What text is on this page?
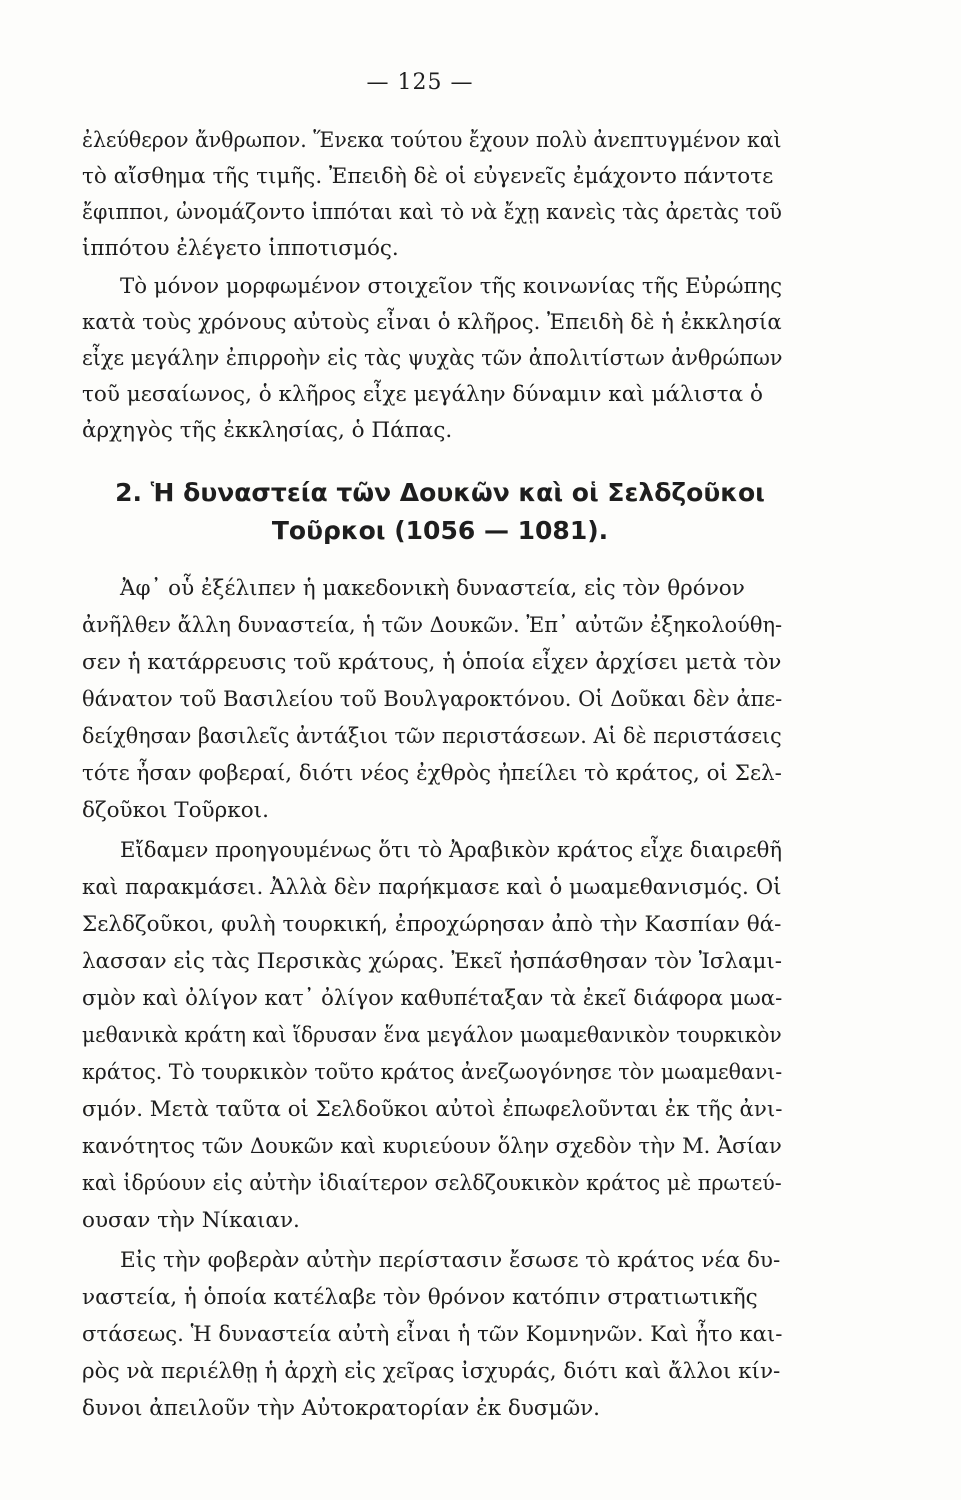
— 125 —
ἐλεύθερον ἄνθρωπον. Ἕνεκα τούτου ἔχουν πολὺ ἀνεπτυγμένον καὶ
τὸ αἴσθημα τῆς τιμῆς. Ἐπειδὴ δὲ οἱ εὐγενεῖς ἐμάχοντο πάντοτε
ἔφιπποι, ὠνομάζοντο ἱππόται καὶ τὸ νὰ ἔχῃ κανεὶς τὰς ἀρετὰς τοῦ
ἱππότου ἐλέγετο ἱπποτισμός.
Τὸ μόνον μορφωμένον στοιχεῖον τῆς κοινωνίας τῆς Εὐρώπης
κατὰ τοὺς χρόνους αὐτοὺς εἶναι ὁ κλῆρος. Ἐπειδὴ δὲ ἡ ἐκκλησία
εἶχε μεγάλην ἐπιρροὴν εἰς τὰς ψυχὰς τῶν ἀπολιτίστων ἀνθρώπων
τοῦ μεσαίωνος, ὁ κλῆρος εἶχε μεγάλην δύναμιν καὶ μάλιστα ὁ
ἀρχηγὸς τῆς ἐκκλησίας, ὁ Πάπας.
2. Ἡ δυναστεία τῶν Δουκῶν καὶ οἱ Σελδζοῦκοι
Τοῦρκοι (1056 — 1081).
Ἀφ᾽ οὗ ἐξέλιπεν ἡ μακεδονικὴ δυναστεία, εἰς τὸν θρόνον
ἀνῆλθεν ἄλλη δυναστεία, ἡ τῶν Δουκῶν. Ἐπ᾽ αὐτῶν ἐξηκολούθη-
σεν ἡ κατάρρευσις τοῦ κράτους, ἡ ὁποία εἶχεν ἀρχίσει μετὰ τὸν
θάνατον τοῦ Βασιλείου τοῦ Βουλγαροκτόνου. Οἱ Δοῦκαι δὲν ἀπε-
δείχθησαν βασιλεῖς ἀντάξιοι τῶν περιστάσεων. Αἱ δὲ περιστάσεις
τότε ἦσαν φοβεραί, διότι νέος ἐχθρὸς ἠπείλει τὸ κράτος, οἱ Σελ-
δζοῦκοι Τοῦρκοι.
Εἴδαμεν προηγουμένως ὅτι τὸ Ἀραβικὸν κράτος εἶχε διαιρεθῆ
καὶ παρακμάσει. Ἀλλὰ δὲν παρήκμασε καὶ ὁ μωαμεθανισμός. Οἱ
Σελδζοῦκοι, φυλὴ τουρκική, ἐπροχώρησαν ἀπὸ τὴν Κασπίαν θά-
λασσαν εἰς τὰς Περσικὰς χώρας. Ἐκεῖ ἠσπάσθησαν τὸν Ἰσλαμι-
σμὸν καὶ ὀλίγον κατ᾽ ὀλίγον καθυπέταξαν τὰ ἐκεῖ διάφορα μωα-
μεθανικὰ κράτη καὶ ἵδρυσαν ἕνα μεγάλον μωαμεθανικὸν τουρκικὸν
κράτος. Τὸ τουρκικὸν τοῦτο κράτος ἀνεζωογόνησε τὸν μωαμεθανι-
σμόν. Μετὰ ταῦτα οἱ Σελδοῦκοι αὐτοὶ ἐπωφελοῦνται ἐκ τῆς ἀνι-
κανότητος τῶν Δουκῶν καὶ κυριεύουν ὅλην σχεδὸν τὴν Μ. Ἀσίαν
καὶ ἱδρύουν εἰς αὐτὴν ἰδιαίτερον σελδζουκικὸν κράτος μὲ πρωτεύ-
ουσαν τὴν Νίκαιαν.
Εἰς τὴν φοβερὰν αὐτὴν περίστασιν ἔσωσε τὸ κράτος νέα δυ-
ναστεία, ἡ ὁποία κατέλαβε τὸν θρόνον κατόπιν στρατιωτικῆς
στάσεως. Ἡ δυναστεία αὐτὴ εἶναι ἡ τῶν Κομνηνῶν. Καὶ ἦτο και-
ρὸς νὰ περιέλθῃ ἡ ἀρχὴ εἰς χεῖρας ἰσχυράς, διότι καὶ ἄλλοι κίν-
δυνοι ἀπειλοῦν τὴν Αὐτοκρατορίαν ἐκ δυσμῶν.
